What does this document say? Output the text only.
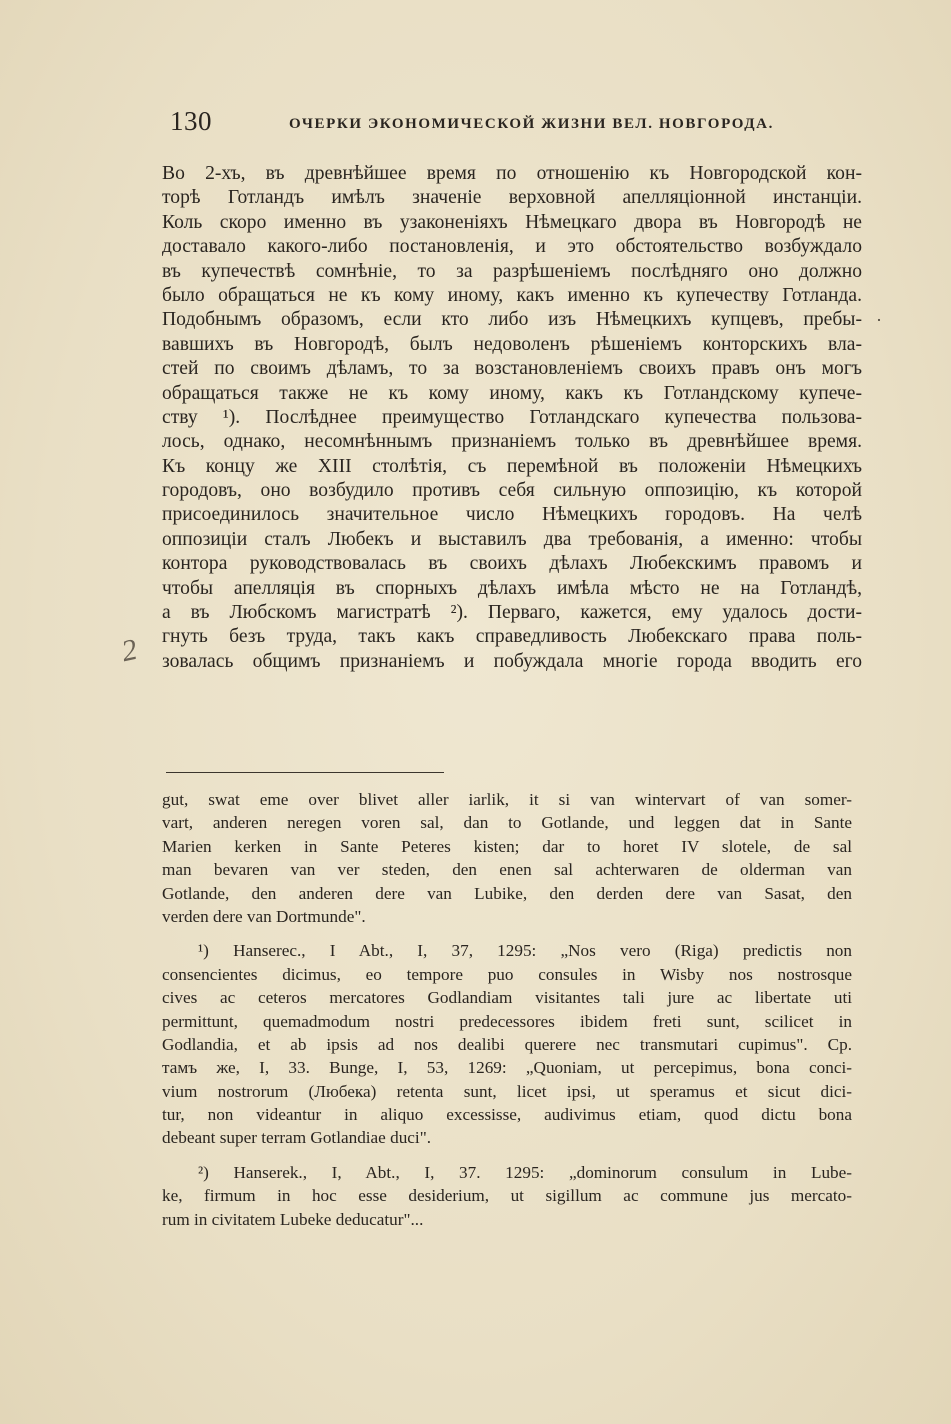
130	ОЧЕРКИ ЭКОНОМИЧЕСКОЙ ЖИЗНИ ВЕЛ. НОВГОРОДА.
Во 2-хъ, въ древнѣйшее время по отношенію къ Новгородской кон-
торѣ Готландъ имѣлъ значеніе верховной апелляціонной инстанціи.
Коль скоро именно въ узаконеніяхъ Нѣмецкаго двора въ Новгородѣ не
доставало какого-либо постановленія, и это обстоятельство возбуждало
въ купечествѣ сомнѣніе, то за разрѣшеніемъ послѣдняго оно должно
было обращаться не къ кому иному, какъ именно къ купечеству Готланда.
Подобнымъ образомъ, если кто либо изъ Нѣмецкихъ купцевъ, пребы-
вавшихъ въ Новгородѣ, былъ недоволенъ рѣшеніемъ конторскихъ вла-
стей по своимъ дѣламъ, то за возстановленіемъ своихъ правъ онъ могъ
обращаться также не къ кому иному, какъ къ Готландскому купече-
ству ¹). Послѣднее преимущество Готландскаго купечества пользова-
лось, однако, несомнѣннымъ признаніемъ только въ древнѣйшее время.
Къ концу же XIII столѣтія, съ перемѣной въ положеніи Нѣмецкихъ
городовъ, оно возбудило противъ себя сильную оппозицію, къ которой
присоединилось значительное число Нѣмецкихъ городовъ. На челѣ
оппозиціи сталъ Любекъ и выставилъ два требованія, а именно: чтобы
контора руководствовалась въ своихъ дѣлахъ Любекскимъ правомъ и
чтобы апелляція въ спорныхъ дѣлахъ имѣла мѣсто не на Готландѣ,
а въ Любскомъ магистратѣ ²). Перваго, кажется, ему удалось дости-
гнуть безъ труда, такъ какъ справедливость Любекскаго права поль-
зовалась общимъ признаніемъ и побуждала многіе города вводить его
2
·
gut, swat eme over blivet aller iarlik, it si van wintervart of van somer-
vart, anderen neregen voren sal, dan to Gotlande, und leggen dat in Sante
Marien kerken in Sante Peteres kisten; dar to horet IV slotele, de sal
man bevaren van ver steden, den enen sal achterwaren de olderman van
Gotlande, den anderen dere van Lubike, den derden dere van Sasat, den
verden dere van Dortmunde".
¹) Hanserec., I Abt., I, 37, 1295: „Nos vero (Riga) predictis non
consencientes dicimus, eo tempore puo consules in Wisby nos nostrosque
cives ac ceteros mercatores Godlandiam visitantes tali jure ac libertate uti
permittunt, quemadmodum nostri predecessores ibidem freti sunt, scilicet in
Godlandia, et ab ipsis ad nos dealibi querere nec transmutari cupimus". Ср.
тамъ же, I, 33. Bunge, I, 53, 1269: „Quoniam, ut percepimus, bona conci-
vium nostrorum (Любека) retenta sunt, licet ipsi, ut speramus et sicut dici-
tur, non videantur in aliquo excessisse, audivimus etiam, quod dictu bona
debeant super terram Gotlandiae duci".
²) Hanserek., I, Abt., I, 37. 1295: „dominorum consulum in Lube-
ke, firmum in hoc esse desiderium, ut sigillum ac commune jus mercato-
rum in civitatem Lubeke deducatur"...
